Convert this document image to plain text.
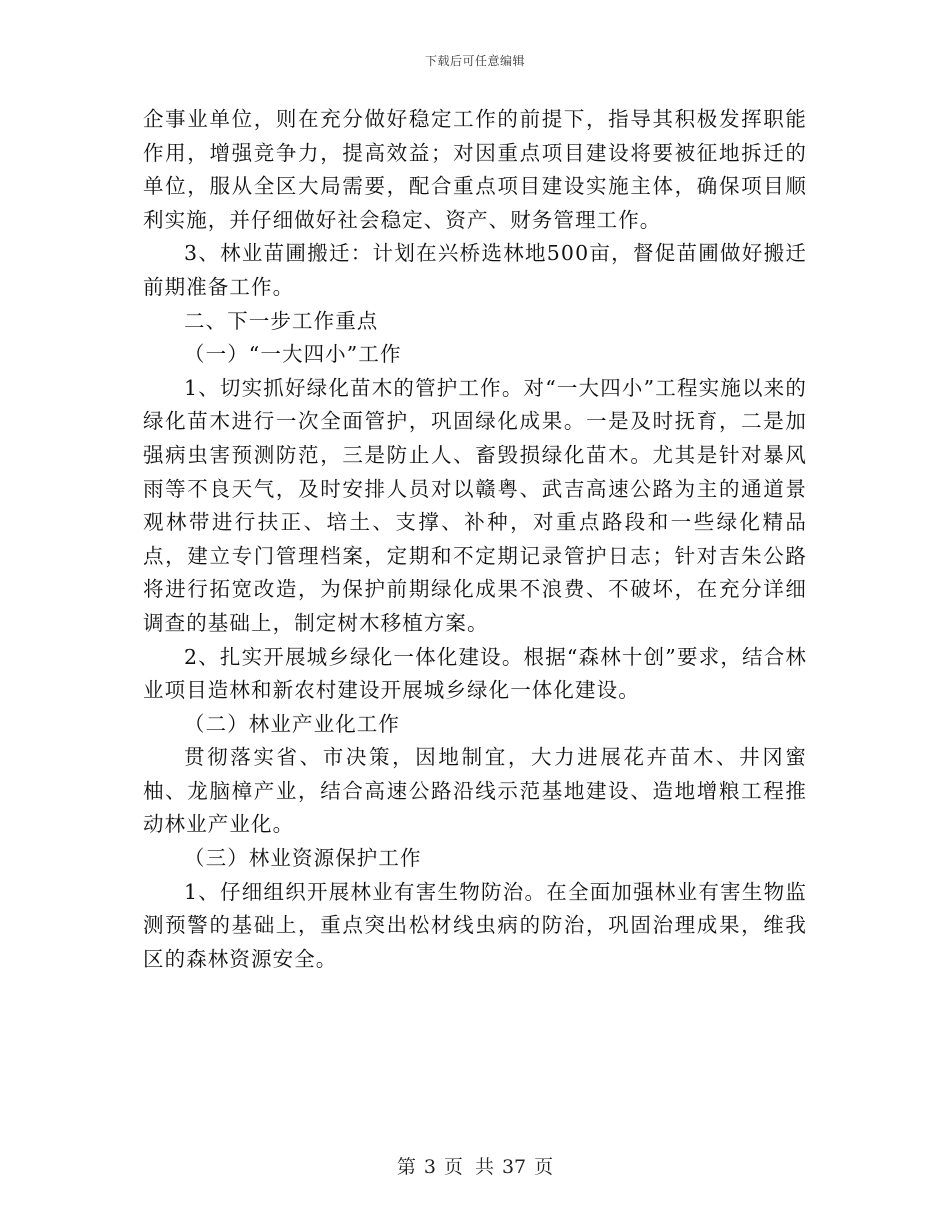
下载后可任意编辑

企事业单位，则在充分做好稳定工作的前提下，指导其积极发挥职能作用，增强竞争力，提高效益；对因重点项目建设将要被征地拆迁的单位，服从全区大局需要，配合重点项目建设实施主体，确保项目顺利实施，并仔细做好社会稳定、资产、财务管理工作。

3、林业苗圃搬迁：计划在兴桥选林地500亩，督促苗圃做好搬迁前期准备工作。

二、下一步工作重点

（一）“一大四小”工作

1、切实抓好绿化苗木的管护工作。对“一大四小”工程实施以来的绿化苗木进行一次全面管护，巩固绿化成果。一是及时抚育，二是加强病虫害预测防范，三是防止人、畜毁损绿化苗木。尤其是针对暴风雨等不良天气，及时安排人员对以赣粤、武吉高速公路为主的通道景观林带进行扶正、培土、支撑、补种，对重点路段和一些绿化精品点，建立专门管理档案，定期和不定期记录管护日志；针对吉朱公路将进行拓宽改造，为保护前期绿化成果不浪费、不破坏，在充分详细调查的基础上，制定树木移植方案。

2、扎实开展城乡绿化一体化建设。根据“森林十创”要求，结合林业项目造林和新农村建设开展城乡绿化一体化建设。

（二）林业产业化工作

贯彻落实省、市决策，因地制宜，大力进展花卉苗木、井冈蜜柚、龙脑樟产业，结合高速公路沿线示范基地建设、造地增粮工程推动林业产业化。

（三）林业资源保护工作

1、仔细组织开展林业有害生物防治。在全面加强林业有害生物监测预警的基础上，重点突出松材线虫病的防治，巩固治理成果，维我区的森林资源安全。

第 3 页 共 37 页
